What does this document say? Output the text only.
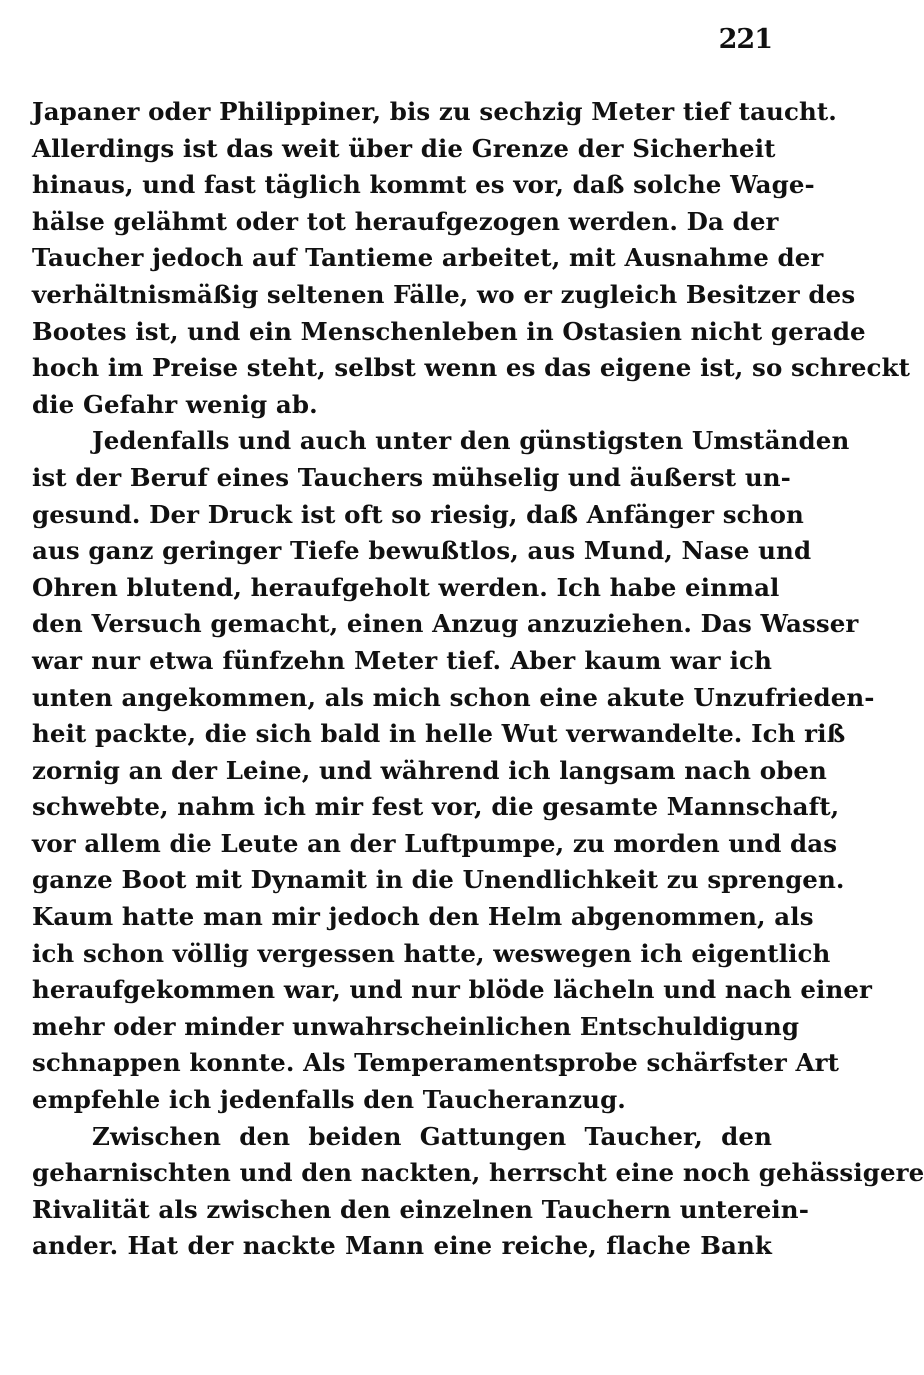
221
Japaner oder Philippiner, bis zu sechzig Meter tief taucht.
Allerdings ist das weit über die Grenze der Sicherheit
hinaus, und fast täglich kommt es vor, daß solche Wage-
hälse gelähmt oder tot heraufgezogen werden. Da der
Taucher jedoch auf Tantieme arbeitet, mit Ausnahme der
verhältnismäßig seltenen Fälle, wo er zugleich Besitzer des
Bootes ist, und ein Menschenleben in Ostasien nicht gerade
hoch im Preise steht, selbst wenn es das eigene ist, so schreckt
die Gefahr wenig ab.
Jedenfalls und auch unter den günstigsten Umständen
ist der Beruf eines Tauchers mühselig und äußerst un-
gesund. Der Druck ist oft so riesig, daß Anfänger schon
aus ganz geringer Tiefe bewußtlos, aus Mund, Nase und
Ohren blutend, heraufgeholt werden. Ich habe einmal
den Versuch gemacht, einen Anzug anzuziehen. Das Wasser
war nur etwa fünfzehn Meter tief. Aber kaum war ich
unten angekommen, als mich schon eine akute Unzufrieden-
heit packte, die sich bald in helle Wut verwandelte. Ich riß
zornig an der Leine, und während ich langsam nach oben
schwebte, nahm ich mir fest vor, die gesamte Mannschaft,
vor allem die Leute an der Luftpumpe, zu morden und das
ganze Boot mit Dynamit in die Unendlichkeit zu sprengen.
Kaum hatte man mir jedoch den Helm abgenommen, als
ich schon völlig vergessen hatte, weswegen ich eigentlich
heraufgekommen war, und nur blöde lächeln und nach einer
mehr oder minder unwahrscheinlichen Entschuldigung
schnappen konnte. Als Temperamentsprobe schärfster Art
empfehle ich jedenfalls den Taucheranzug.
Zwischen den beiden Gattungen Taucher, den
geharnischten und den nackten, herrscht eine noch gehässigere
Rivalität als zwischen den einzelnen Tauchern unterein-
ander. Hat der nackte Mann eine reiche, flache Bank
